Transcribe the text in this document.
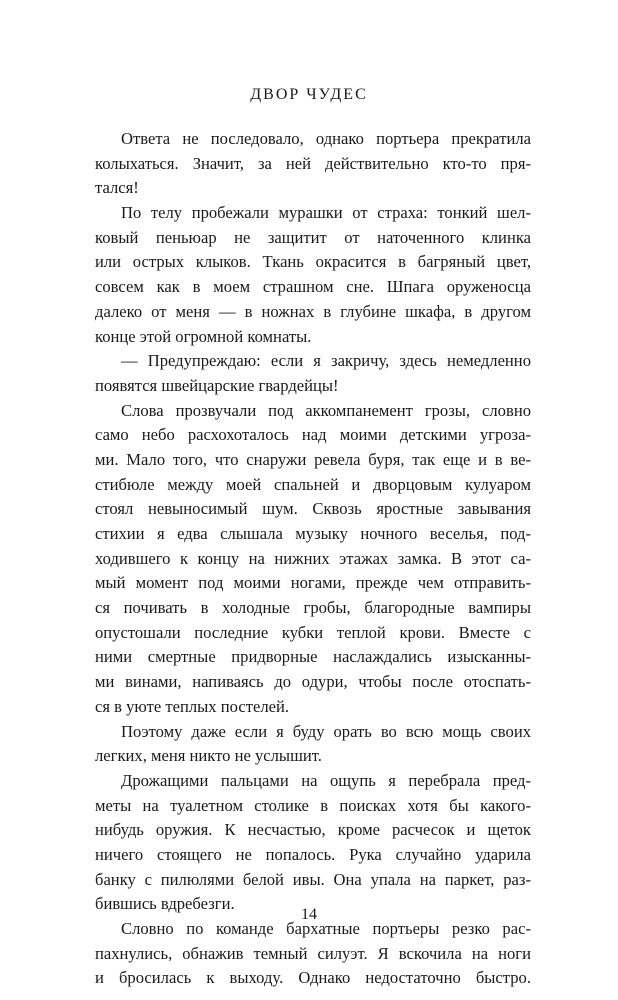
ДВОР ЧУДЕС
Ответа не последовало, однако портьера прекратила
колыхаться. Значит, за ней действительно кто-то пря-
тался!
По телу пробежали мурашки от страха: тонкий шел-
ковый пеньюар не защитит от наточенного клинка
или острых клыков. Ткань окрасится в багряный цвет,
совсем как в моем страшном сне. Шпага оруженосца
далеко от меня — в ножнах в глубине шкафа, в другом
конце этой огромной комнаты.
— Предупреждаю: если я закричу, здесь немедленно
появятся швейцарские гвардейцы!
Слова прозвучали под аккомпанемент грозы, словно
само небо расхохоталось над моими детскими угроза-
ми. Мало того, что снаружи ревела буря, так еще и в ве-
стибюле между моей спальней и дворцовым кулуаром
стоял невыносимый шум. Сквозь яростные завывания
стихии я едва слышала музыку ночного веселья, под-
ходившего к концу на нижних этажах замка. В этот са-
мый момент под моими ногами, прежде чем отправить-
ся почивать в холодные гробы, благородные вампиры
опустошали последние кубки теплой крови. Вместе с
ними смертные придворные наслаждались изысканны-
ми винами, напиваясь до одури, чтобы после отоспать-
ся в уюте теплых постелей.
Поэтому даже если я буду орать во всю мощь своих
легких, меня никто не услышит.
Дрожащими пальцами на ощупь я перебрала пред-
меты на туалетном столике в поисках хотя бы какого-
нибудь оружия. К несчастью, кроме расчесок и щеток
ничего стоящего не попалось. Рука случайно ударила
банку с пилюлями белой ивы. Она упала на паркет, раз-
бившись вдребезги.
Словно по команде бархатные портьеры резко рас-
пахнулись, обнажив темный силуэт. Я вскочила на ноги
и бросилась к выходу. Однако недостаточно быстро.
14
